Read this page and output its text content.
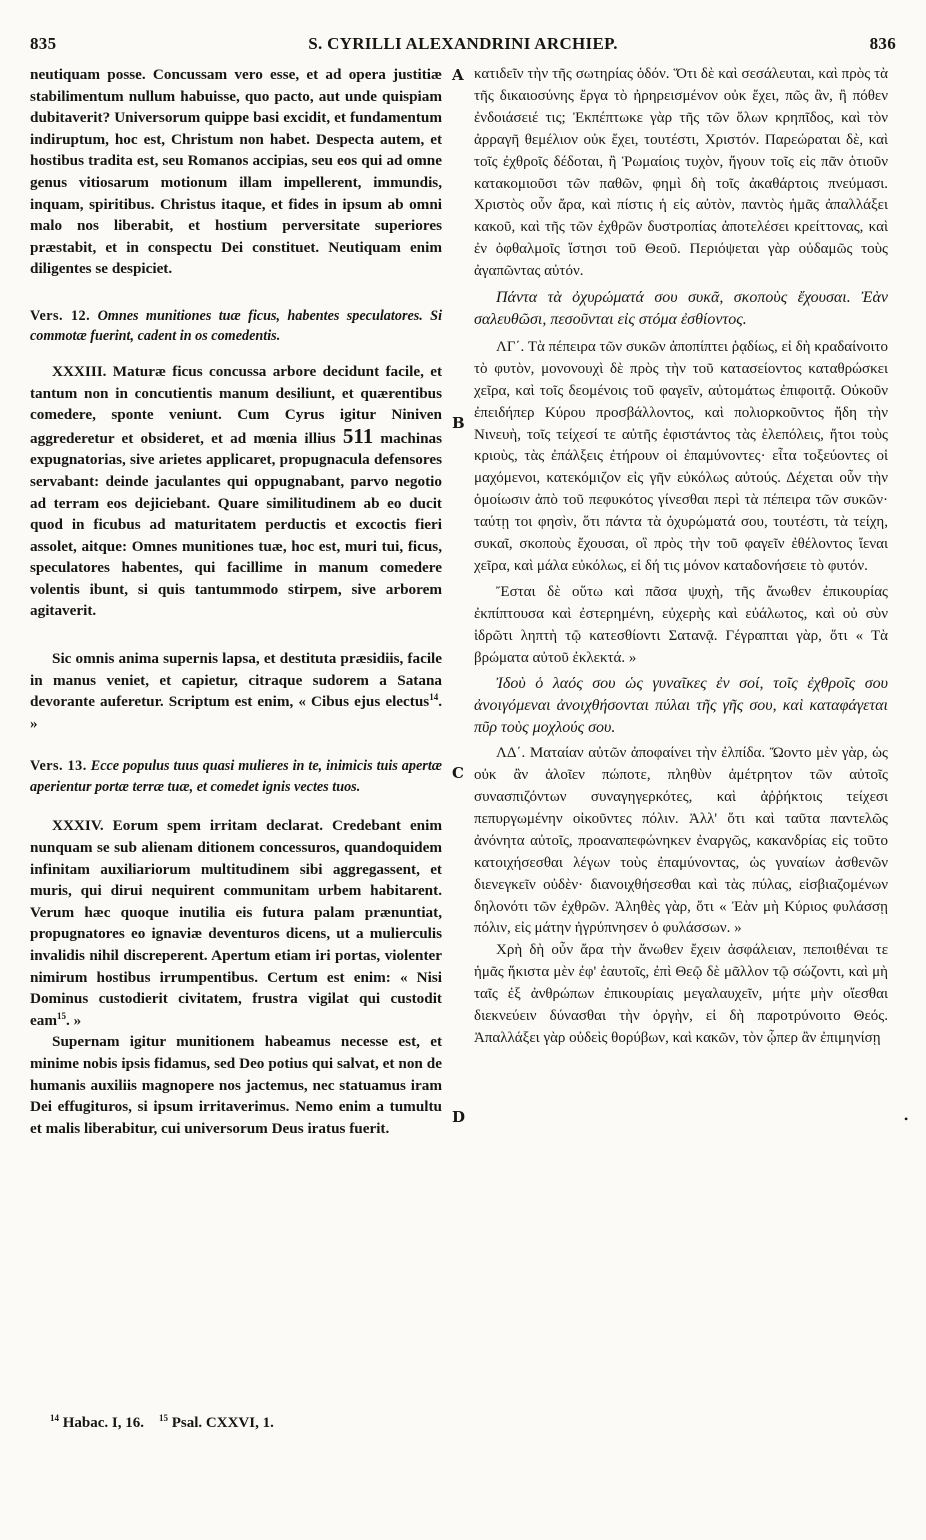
835	S. CYRILLI ALEXANDRINI ARCHIEP.	836

neutiquam posse. Concussam vero esse, et ad opera justitiæ stabilimentum nullum habuisse, quo pacto, aut unde quispiam dubitaverit? Universorum quippe basi excidit, et fundamentum indiruptum, hoc est, Christum non habet. Despecta autem, et hostibus tradita est, seu Romanos accipias, seu eos qui ad omne genus vitiosarum motionum illam impellerent, immundis, inquam, spiritibus. Christus itaque, et fides in ipsum ab omni malo nos liberabit, et hostium perversitate superiores præstabit, et in conspectu Dei constituet. Neutiquam enim diligentes se despiciet.

Vers. 12. Omnes munitiones tuæ ficus, habentes speculatores. Si commotæ fuerint, cadent in os comedentis.

XXXIII. Maturæ ficus concussa arbore decidunt facile, et tantum non in concutientis manum desiliunt, et quærentibus comedere, sponte veniunt. Cum Cyrus igitur Niniven aggrederetur et obsideret, et ad mœnia illius 511 machinas expugnatorias, sive arietes applicaret, propugnacula defensores servabant: deinde jaculantes qui oppugnabant, parvo negotio ad terram eos dejiciebant. Quare similitudinem ab eo ducit quod in ficubus ad maturitatem perductis et excoctis fieri assolet, aitque: Omnes munitiones tuæ, hoc est, muri tui, ficus, speculatores habentes, qui facillime in manum comedere volentis ibunt, si quis tantummodo stirpem, sive arborem agitaverit.

Sic omnis anima supernis lapsa, et destituta præsidiis, facile in manus veniet, et capietur, citraque sudorem a Satana devorante auferetur. Scriptum est enim, « Cibus ejus electus$^{14}$. »

Vers. 13. Ecce populus tuus quasi mulieres in te, inimicis tuis apertæ aperientur portæ terræ tuæ, et comedet ignis vectes tuos.

XXXIV. Eorum spem irritam declarat. Credebant enim nunquam se sub alienam ditionem concessuros, quandoquidem infinitam auxiliariorum multitudinem sibi aggregassent, et muris, qui dirui nequirent communitam urbem habitarent. Verum hæc quoque inutilia eis futura palam prænuntiat, propugnatores eo ignaviæ deventuros dicens, ut a mulierculis invalidis nihil discreperent. Apertum etiam iri portas, violenter nimirum hostibus irrumpentibus. Certum est enim: « Nisi Dominus custodierit civitatem, frustra vigilat qui custodit eam$^{15}$. »

Supernam igitur munitionem habeamus necesse est, et minime nobis ipsis fidamus, sed Deo potius qui salvat, et non de humanis auxiliis magnopere nos jactemus, nec statuamus iram Dei effugituros, si ipsum irritaverimus. Nemo enim a tumultu et malis liberabitur, cui universorum Deus iratus fuerit.

A
B
C
D	•

κατιδεῖν τὴν τῆς σωτηρίας ὁδόν. Ὅτι δὲ καὶ σεσάλευται, καὶ πρὸς τὰ τῆς δικαιοσύνης ἔργα τὸ ἠρηρεισμένον οὐκ ἔχει, πῶς ἂν, ἢ πόθεν ἐνδοιάσειέ τις; Ἐκπέπτωκε γὰρ τῆς τῶν ὅλων κρηπῖδος, καὶ τὸν ἀρραγῆ θεμέλιον οὐκ ἔχει, τουτέστι, Χριστόν. Παρεώραται δὲ, καὶ τοῖς ἐχθροῖς δέδοται, ἢ Ῥωμαίοις τυχὸν, ἤγουν τοῖς εἰς πᾶν ὁτιοῦν κατακομιοῦσι τῶν παθῶν, φημὶ δὴ τοῖς ἀκαθάρτοις πνεύμασι. Χριστὸς οὖν ἄρα, καὶ πίστις ἡ εἰς αὐτὸν, παντὸς ἡμᾶς ἀπαλλάξει κακοῦ, καὶ τῆς τῶν ἐχθρῶν δυστροπίας ἀποτελέσει κρείττονας, καὶ ἐν ὀφθαλμοῖς ἵστησι τοῦ Θεοῦ. Περιόψεται γὰρ οὐδαμῶς τοὺς ἀγαπῶντας αὐτόν.

Πάντα τὰ ὀχυρώματά σου συκᾶ, σκοποὺς ἔχουσαι. Ἐὰν σαλευθῶσι, πεσοῦνται εἰς στόμα ἐσθίοντος.

ΛΓ΄. Τὰ πέπειρα τῶν συκῶν ἀποπίπτει ῥᾳδίως, εἰ δὴ κραδαίνοιτο τὸ φυτὸν, μονονουχὶ δὲ πρὸς τὴν τοῦ κατασείοντος καταθρώσκει χεῖρα, καὶ τοῖς δεομένοις τοῦ φαγεῖν, αὐτομάτως ἐπιφοιτᾷ. Οὐκοῦν ἐπειδήπερ Κύρου προσβάλλοντος, καὶ πολιορκοῦντος ἤδη τὴν Νινευὴ, τοῖς τείχεσί τε αὐτῆς ἐφιστάντος τὰς ἑλεπόλεις, ἤτοι τοὺς κριοὺς, τὰς ἐπάλξεις ἐτήρουν οἱ ἐπαμύνοντες· εἶτα τοξεύοντες οἱ μαχόμενοι, κατεκόμιζον εἰς γῆν εὐκόλως αὐτούς. Δέχεται οὖν τὴν ὁμοίωσιν ἀπὸ τοῦ πεφυκότος γίνεσθαι περὶ τὰ πέπειρα τῶν συκῶν· ταύτῃ τοι φησὶν, ὅτι πάντα τὰ ὀχυρώματά σου, τουτέστι, τὰ τείχη, συκαῖ, σκοποὺς ἔχουσαι, οἳ πρὸς τὴν τοῦ φαγεῖν ἐθέλοντος ἴεναι χεῖρα, καὶ μάλα εὐκόλως, εἰ δή τις μόνον καταδονήσειε τὸ φυτόν.

Ἔσται δὲ οὕτω καὶ πᾶσα ψυχὴ, τῆς ἄνωθεν ἐπικουρίας ἐκπίπτουσα καὶ ἐστερημένη, εὐχερὴς καὶ εὐάλωτος, καὶ οὐ σὺν ἱδρῶτι ληπτὴ τῷ κατεσθίοντι Σατανᾷ. Γέγραπται γὰρ, ὅτι « Τὰ βρώματα αὐτοῦ ἐκλεκτά. »

Ἰδοὺ ὁ λαός σου ὡς γυναῖκες ἐν σοί, τοῖς ἐχθροῖς σου ἀνοιγόμεναι ἀνοιχθήσονται πύλαι τῆς γῆς σου, καὶ καταφάγεται πῦρ τοὺς μοχλούς σου.

ΛΔ΄. Ματαίαν αὐτῶν ἀποφαίνει τὴν ἐλπίδα. Ὤοντο μὲν γὰρ, ὡς οὐκ ἂν ἁλοῖεν πώποτε, πληθὺν ἀμέτρητον τῶν αὐτοῖς συνασπιζόντων συναγηγερκότες, καὶ ἀῤῥήκτοις τείχεσι πεπυργωμένην οἰκοῦντες πόλιν. Ἀλλ' ὅτι καὶ ταῦτα παντελῶς ἀνόνητα αὐτοῖς, προαναπεφώνηκεν ἐναργῶς, κακανδρίας εἰς τοῦτο κατοιχήσεσθαι λέγων τοὺς ἐπαμύνοντας, ὡς γυναίων ἀσθενῶν διενεγκεῖν οὐδὲν· διανοιχθήσεσθαι καὶ τὰς πύλας, εἰσβιαζομένων δηλονότι τῶν ἐχθρῶν. Ἀληθὲς γὰρ, ὅτι « Ἐὰν μὴ Κύριος φυλάσσῃ πόλιν, εἰς μάτην ἠγρύπνησεν ὁ φυλάσσων. »

Χρὴ δὴ οὖν ἄρα τὴν ἄνωθεν ἔχειν ἀσφάλειαν, πεποιθέναι τε ἡμᾶς ἥκιστα μὲν ἐφ' ἑαυτοῖς, ἐπὶ Θεῷ δὲ μᾶλλον τῷ σώζοντι, καὶ μὴ ταῖς ἐξ ἀνθρώπων ἐπικουρίαις μεγαλαυχεῖν, μήτε μὴν οἴεσθαι διεκνεύειν δύνασθαι τὴν ὀργὴν, εἰ δὴ παροτρύνοιτο Θεός. Ἀπαλλάξει γὰρ οὐδεὶς θορύβων, καὶ κακῶν, τὸν ᾧπερ ἂν ἐπιμηνίσῃ

$^{14}$ Habac. I, 16. $^{15}$ Psal. CXXVI, 1.
